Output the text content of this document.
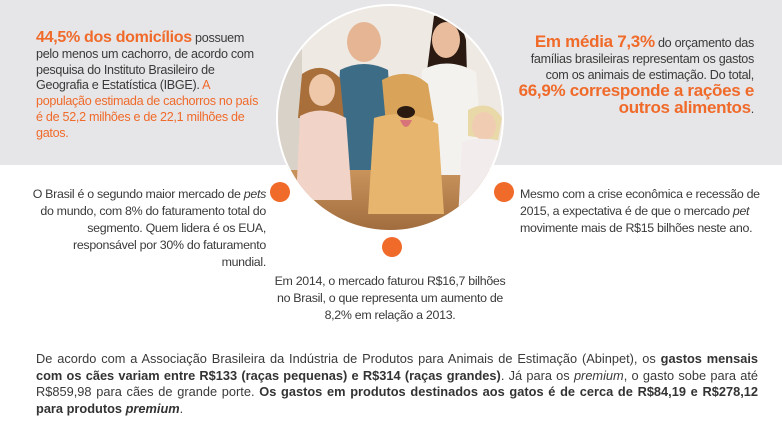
44,5% dos domicílios possuem pelo menos um cachorro, de acordo com pesquisa do Instituto Brasileiro de Geografia e Estatística (IBGE). A população estimada de cachorros no país é de 52,2 milhões e de 22,1 milhões de gatos.
Em média 7,3% do orçamento das famílias brasileiras representam os gastos com os animais de estimação. Do total, 66,9% corresponde a rações e outros alimentos.
O Brasil é o segundo maior mercado de pets do mundo, com 8% do faturamento total do segmento. Quem lidera é os EUA, responsável por 30% do faturamento mundial.
Mesmo com a crise econômica e recessão de 2015, a expectativa é de que o mercado pet movimente mais de R$15 bilhões neste ano.
Em 2014, o mercado faturou R$16,7 bilhões no Brasil, o que representa um aumento de 8,2% em relação a 2013.
De acordo com a Associação Brasileira da Indústria de Produtos para Animais de Estimação (Abinpet), os gastos mensais com os cães variam entre R$133 (raças pequenas) e R$314 (raças grandes). Já para os premium, o gasto sobe para até R$859,98 para cães de grande porte. Os gastos em produtos destinados aos gatos é de cerca de R$84,19 e R$278,12 para produtos premium.
